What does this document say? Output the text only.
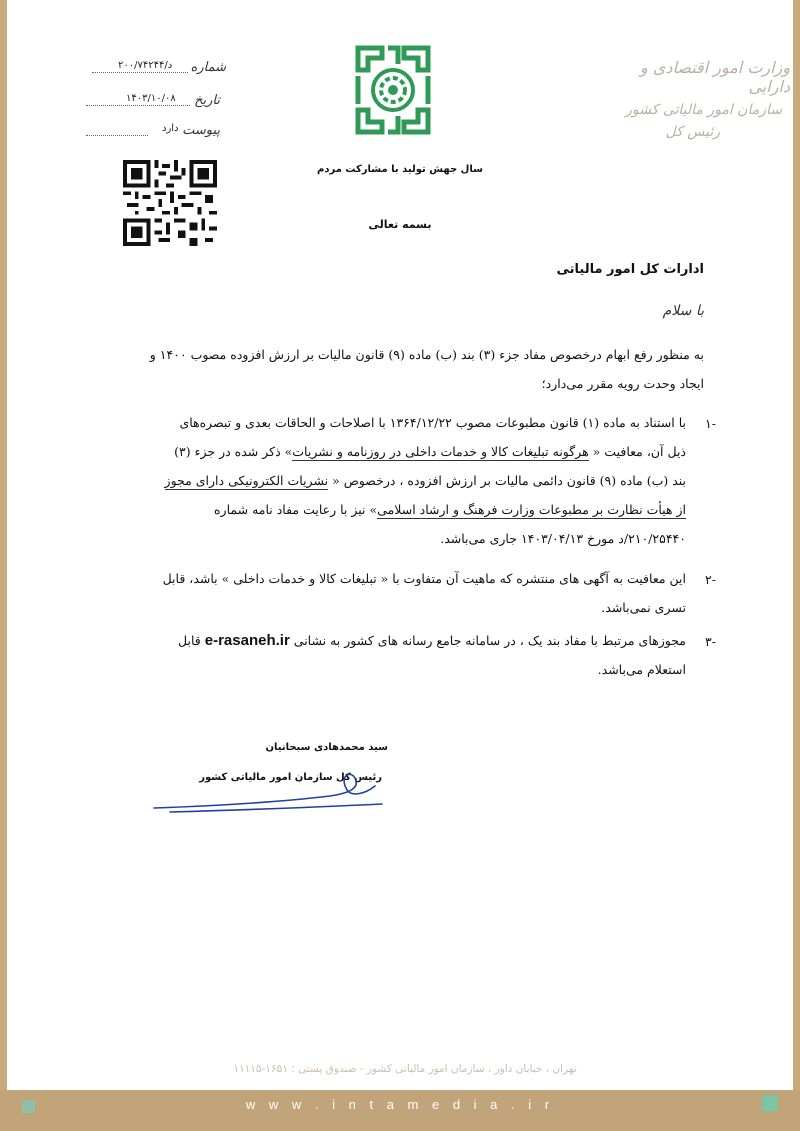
وزارت امور اقتصادی و دارایی
سازمان امور مالیاتی کشور
رئیس کل
سال جهش تولید با مشارکت مردم
بسمه تعالی
شماره
د/۲۰۰/۷۴۲۴۴
تاریخ
۱۴۰۳/۱۰/۰۸
پیوست
دارد
ادارات کل امور مالیاتی
با سلام
به منظور رفع ابهام درخصوص مفاد جزء (۳) بند (ب) ماده (۹) قانون مالیات بر ارزش افزوده مصوب ۱۴۰۰ و
ایجاد وحدت رویه مقرر می‌دارد؛
-۱
با استناد به ماده (۱) قانون مطبوعات مصوب ۱۳۶۴/۱۲/۲۲ با اصلاحات و الحاقات بعدی و تبصره‌های
ذیل آن، معافیت « هرگونه تبلیغات کالا و خدمات داخلی در روزنامه و نشریات» ذکر شده در جزء (۳)
بند (ب) ماده (۹) قانون دائمی مالیات بر ارزش افزوده ، درخصوص « نشریات الکترونیکی دارای مجوز
از هیأت نظارت بر مطبوعات وزارت فرهنگ و ارشاد اسلامی» نیز با رعایت مفاد نامه شماره
۲۱۰/۲۵۴۴۰/د مورخ ۱۴۰۳/۰۴/۱۳ جاری می‌باشد.
-۲
این معافیت به آگهی های منتشره که ماهیت آن متفاوت با « تبلیغات کالا و خدمات داخلی » باشد، قابل
تسری نمی‌باشد.
-۳
مجوزهای مرتبط با مفاد بند یک ، در سامانه جامع رسانه های کشور به نشانی e-rasaneh.ir قابل
استعلام می‌باشد.
سید محمدهادی سبحانیان
رئیس کل سازمان امور مالیاتی کشور
تهران ، خیابان داور ، سازمان امور مالیاتی کشور - صندوق پستی : ۱۶۵۱-۱۱۱۱۵
w w w . i n t a m e d i a . i r
